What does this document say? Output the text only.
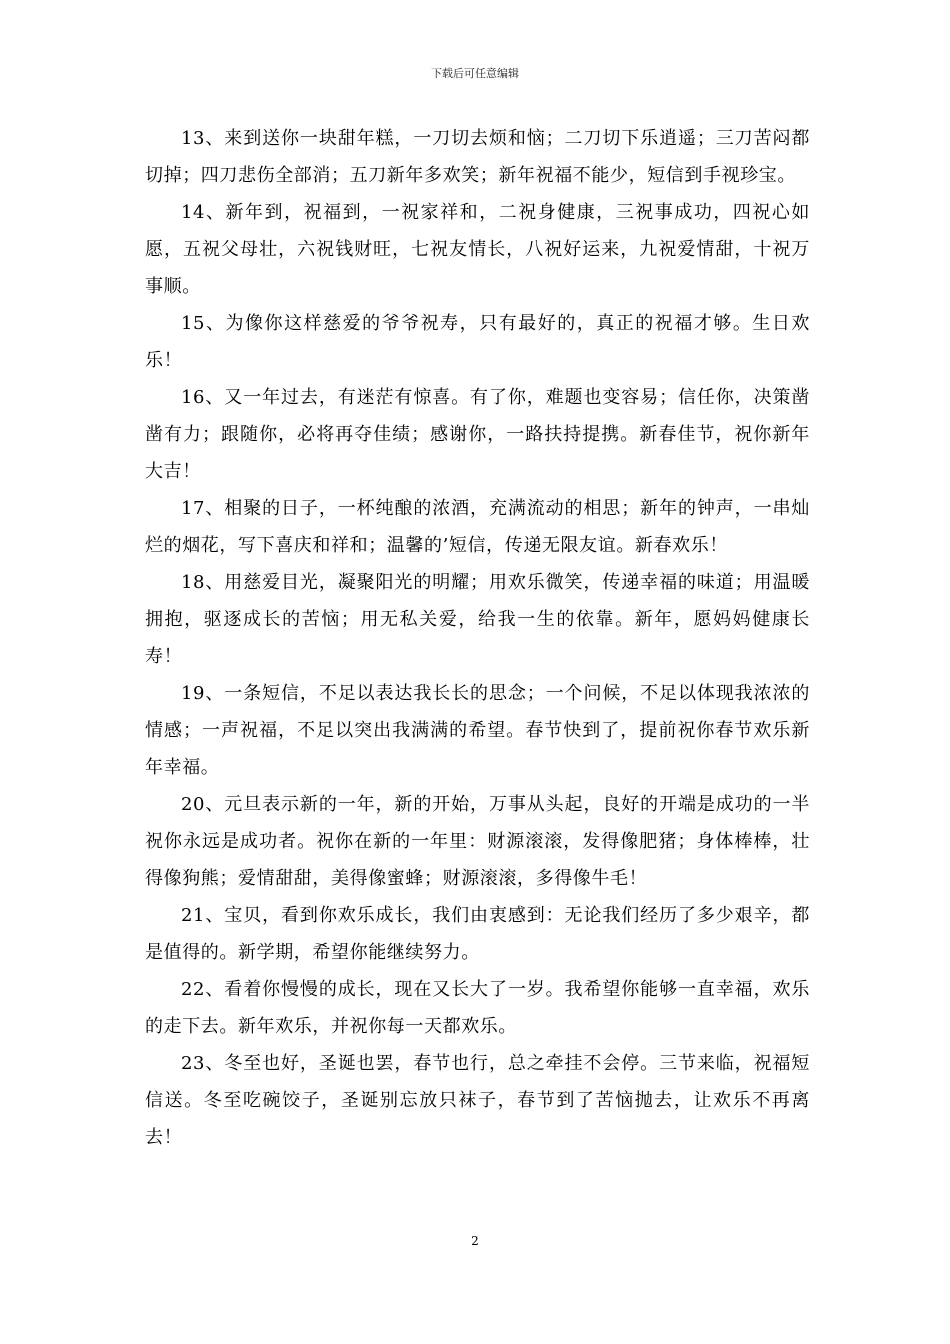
下载后可任意编辑

13、来到送你一块甜年糕，一刀切去烦和恼；二刀切下乐逍遥；三刀苦闷都切掉；四刀悲伤全部消；五刀新年多欢笑；新年祝福不能少，短信到手视珍宝。

14、新年到，祝福到，一祝家祥和，二祝身健康，三祝事成功，四祝心如愿，五祝父母壮，六祝钱财旺，七祝友情长，八祝好运来，九祝爱情甜，十祝万事顺。

15、为像你这样慈爱的爷爷祝寿，只有最好的，真正的祝福才够。生日欢乐！

16、又一年过去，有迷茫有惊喜。有了你，难题也变容易；信任你，决策凿凿有力；跟随你，必将再夺佳绩；感谢你，一路扶持提携。新春佳节，祝你新年大吉！

17、相聚的日子，一杯纯酿的浓酒，充满流动的相思；新年的钟声，一串灿烂的烟花，写下喜庆和祥和；温馨的’短信，传递无限友谊。新春欢乐！

18、用慈爱目光，凝聚阳光的明耀；用欢乐微笑，传递幸福的味道；用温暖拥抱，驱逐成长的苦恼；用无私关爱，给我一生的依靠。新年，愿妈妈健康长寿！

19、一条短信，不足以表达我长长的思念；一个问候，不足以体现我浓浓的情感；一声祝福，不足以突出我满满的希望。春节快到了，提前祝你春节欢乐新年幸福。

20、元旦表示新的一年，新的开始，万事从头起，良好的开端是成功的一半祝你永远是成功者。祝你在新的一年里：财源滚滚，发得像肥猪；身体棒棒，壮得像狗熊；爱情甜甜，美得像蜜蜂；财源滚滚，多得像牛毛！

21、宝贝，看到你欢乐成长，我们由衷感到：无论我们经历了多少艰辛，都是值得的。新学期，希望你能继续努力。

22、看着你慢慢的成长，现在又长大了一岁。我希望你能够一直幸福，欢乐的走下去。新年欢乐，并祝你每一天都欢乐。

23、冬至也好，圣诞也罢，春节也行，总之牵挂不会停。三节来临，祝福短信送。冬至吃碗饺子，圣诞别忘放只袜子，春节到了苦恼抛去，让欢乐不再离去！

2
